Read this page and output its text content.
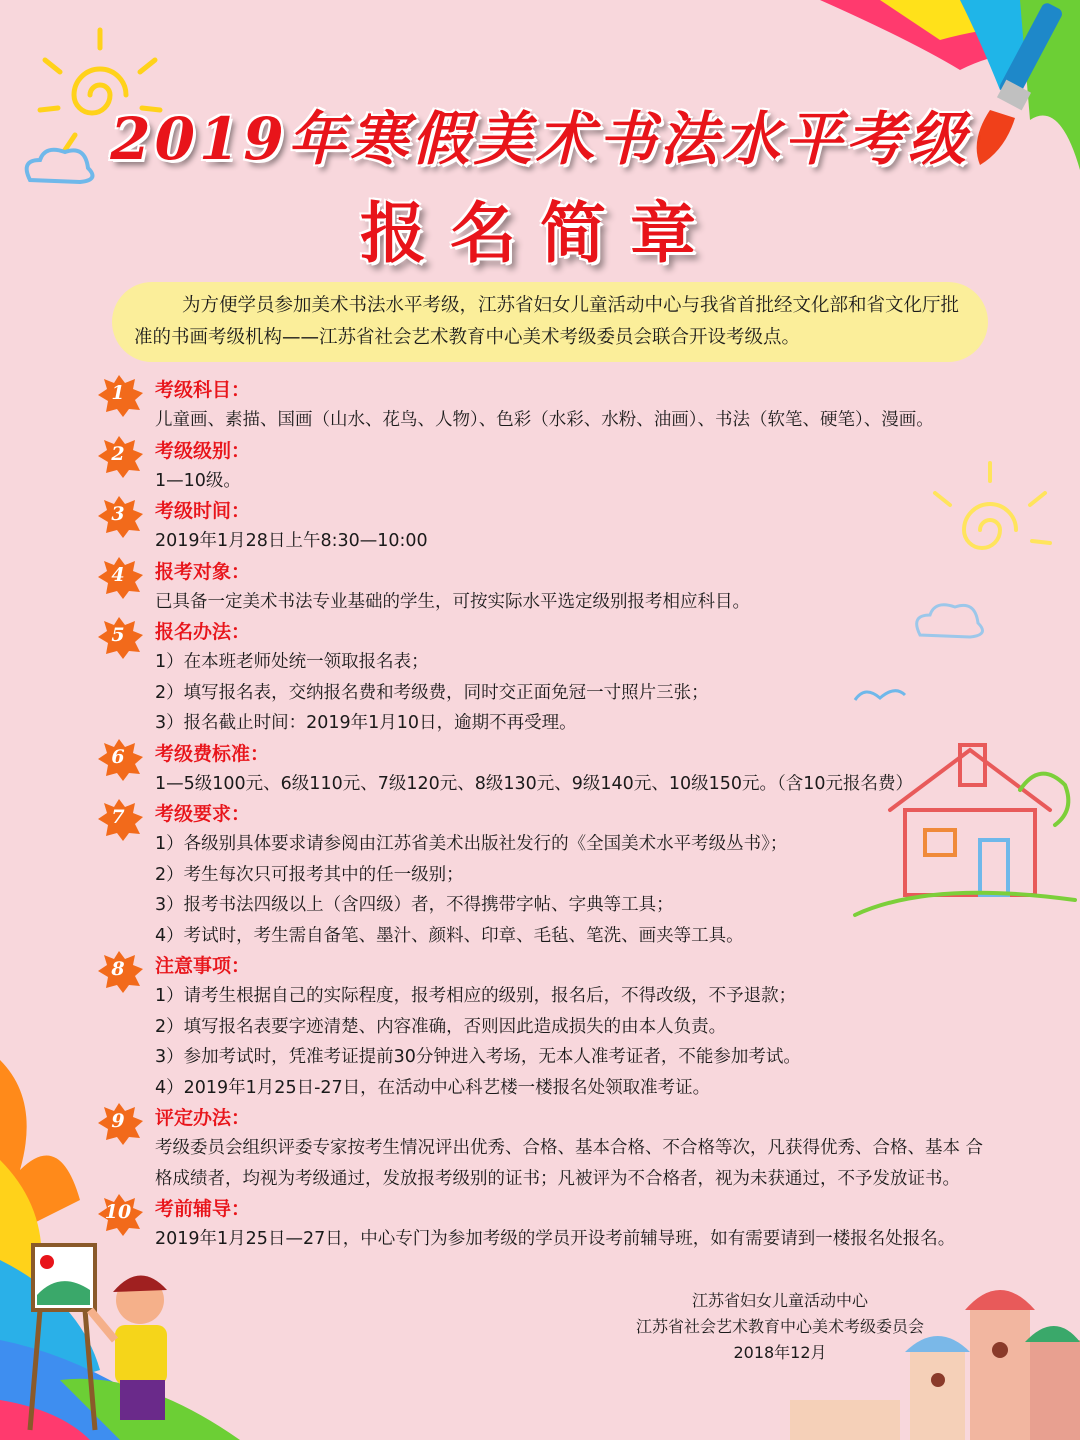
2019年寒假美术书法水平考级
报名简章
为方便学员参加美术书法水平考级，江苏省妇女儿童活动中心与我省首批经文化部和省文化厅批准的书画考级机构——江苏省社会艺术教育中心美术考级委员会联合开设考级点。
1	考级科目：
儿童画、素描、国画（山水、花鸟、人物）、色彩（水彩、水粉、油画）、书法（软笔、硬笔）、漫画。
2	考级级别：
1—10级。
3	考级时间：
2019年1月28日上午8:30—10:00
4	报考对象：
已具备一定美术书法专业基础的学生，可按实际水平选定级别报考相应科目。
5	报名办法：
1）在本班老师处统一领取报名表；
2）填写报名表，交纳报名费和考级费，同时交正面免冠一寸照片三张；
3）报名截止时间：2019年1月10日，逾期不再受理。
6	考级费标准：
1—5级100元、6级110元、7级120元、8级130元、9级140元、10级150元。（含10元报名费）
7	考级要求：
1）各级别具体要求请参阅由江苏省美术出版社发行的《全国美术水平考级丛书》；
2）考生每次只可报考其中的任一级别；
3）报考书法四级以上（含四级）者，不得携带字帖、字典等工具；
4）考试时，考生需自备笔、墨汁、颜料、印章、毛毡、笔洗、画夹等工具。
8	注意事项：
1）请考生根据自己的实际程度，报考相应的级别，报名后，不得改级，不予退款；
2）填写报名表要字迹清楚、内容准确，否则因此造成损失的由本人负责。
3）参加考试时，凭准考证提前30分钟进入考场，无本人准考证者，不能参加考试。
4）2019年1月25日-27日，在活动中心科艺楼一楼报名处领取准考证。
9	评定办法：
考级委员会组织评委专家按考生情况评出优秀、合格、基本合格、不合格等次，凡获得优秀、合格、基本 合格成绩者，均视为考级通过，发放报考级别的证书；凡被评为不合格者，视为未获通过，不予发放证书。
10	考前辅导：
2019年1月25日—27日，中心专门为参加考级的学员开设考前辅导班，如有需要请到一楼报名处报名。
江苏省妇女儿童活动中心
江苏省社会艺术教育中心美术考级委员会
2018年12月
